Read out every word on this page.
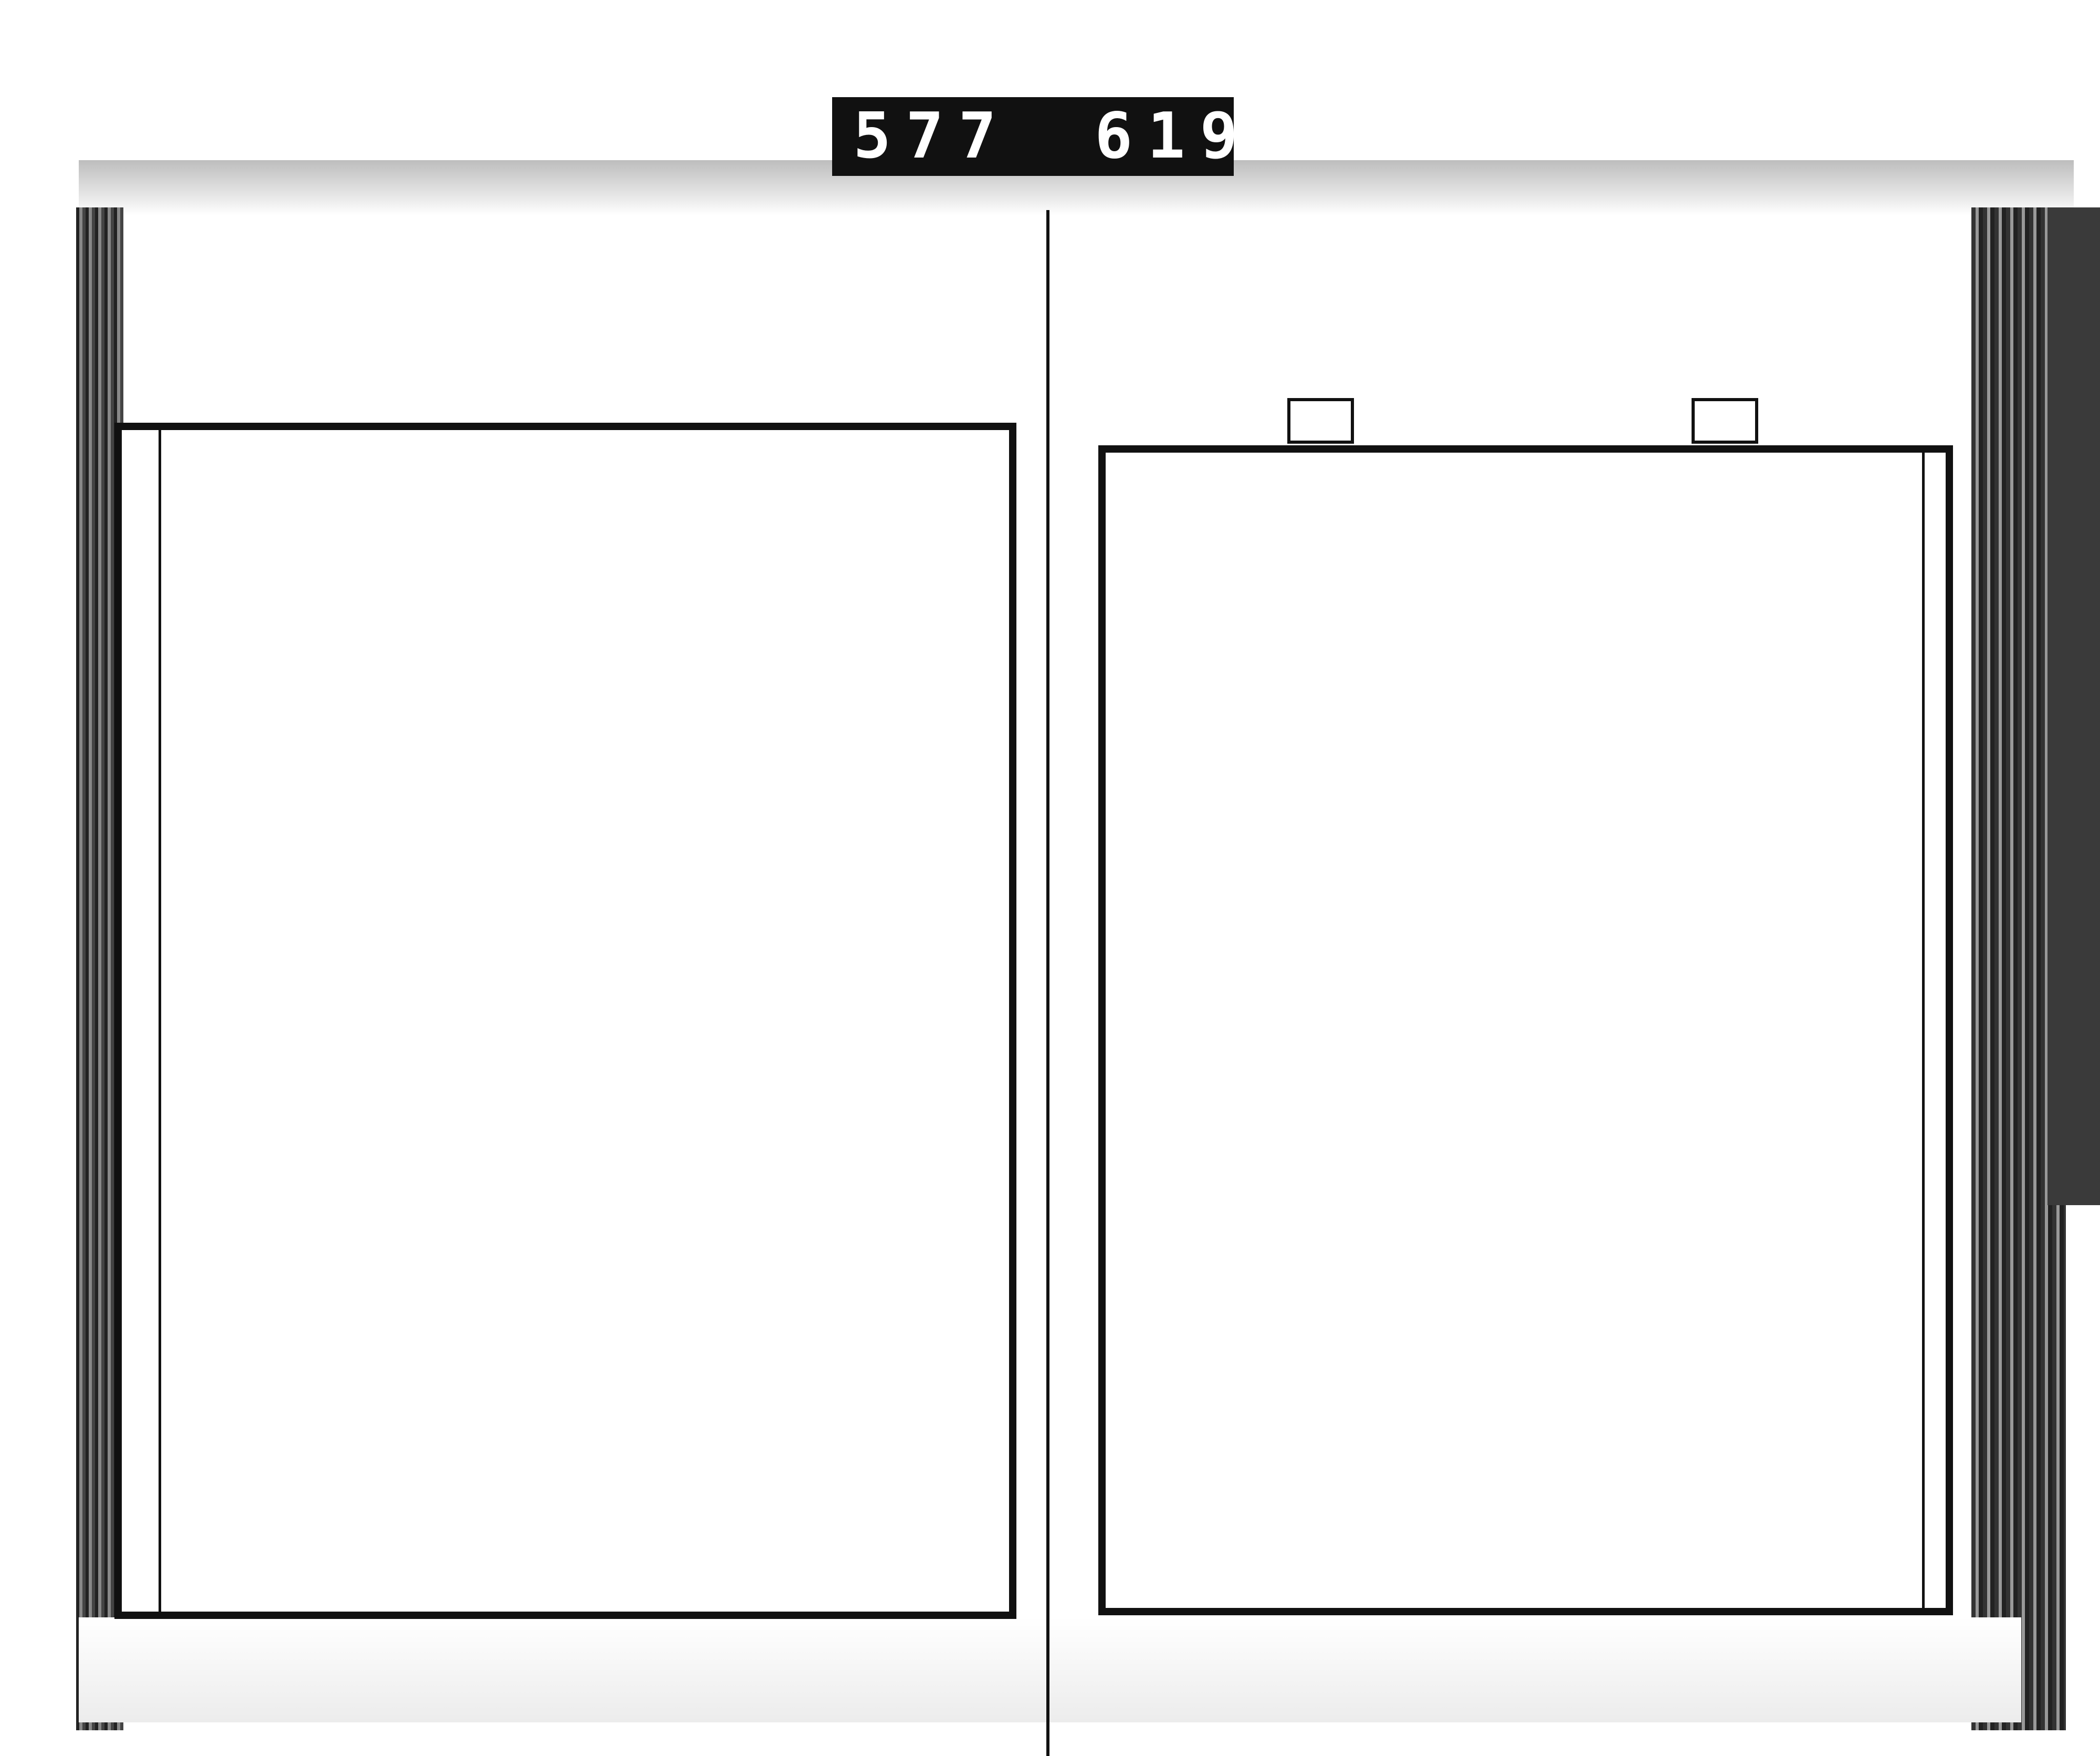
577 619
